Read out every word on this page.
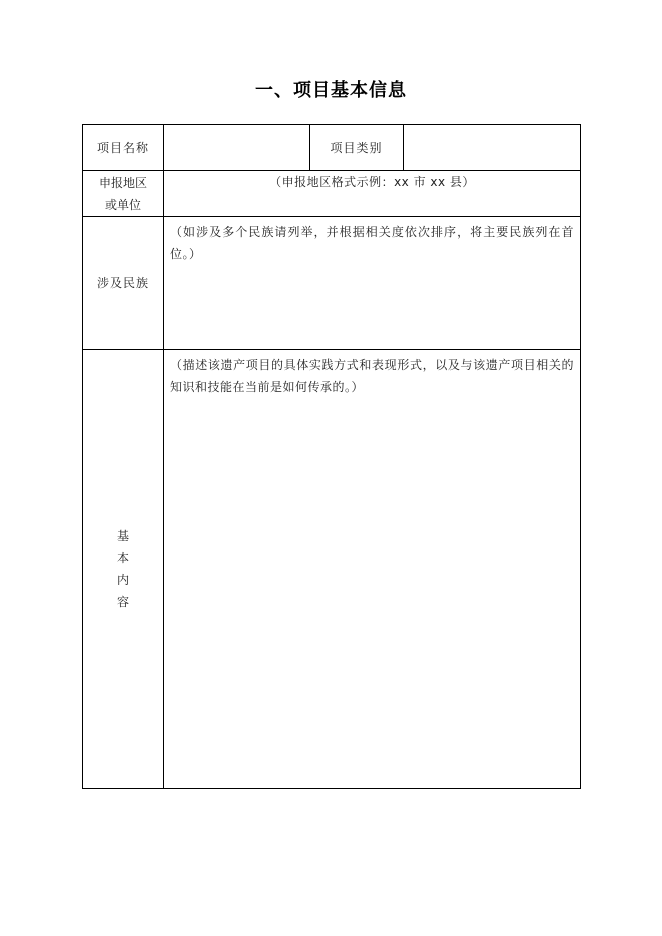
一、项目基本信息
项目名称		项目类别	

申报地区
或单位	（申报地区格式示例：xx 市 xx 县）		
涉及民族	（如涉及多个民族请列举，并根据相关度依次排序，将主要民族列在首位。）		

基
本
内
容	（描述该遗产项目的具体实践方式和表现形式，以及与该遗产项目相关的知识和技能在当前是如何传承的。）		
